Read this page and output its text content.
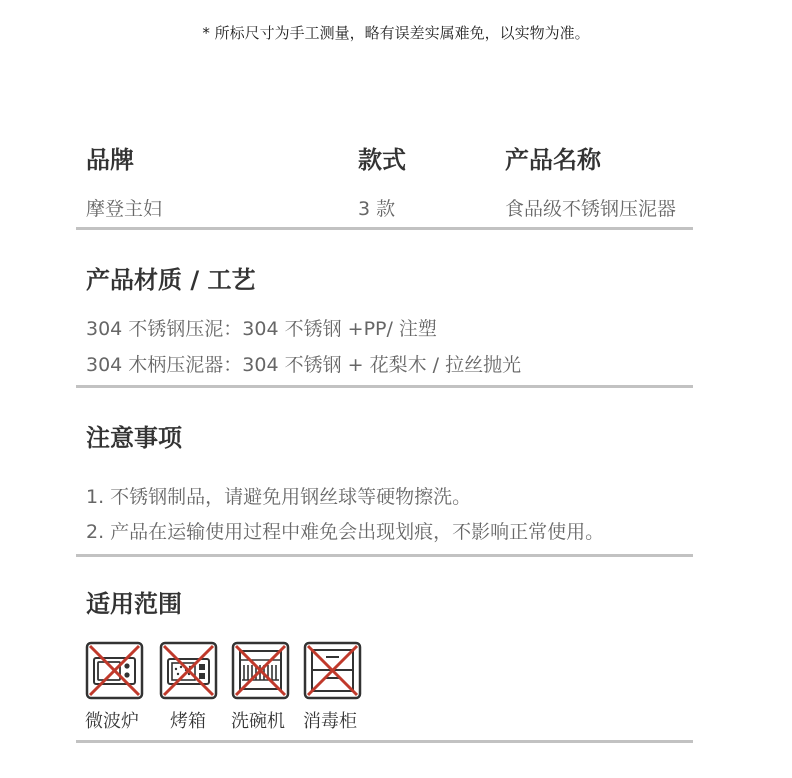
* 所标尺寸为手工测量，略有误差实属难免，以实物为准。
品牌	款式	产品名称
摩登主妇	3 款	食品级不锈钢压泥器
产品材质 / 工艺
304 不锈钢压泥：304 不锈钢 +PP/ 注塑
304 木柄压泥器：304 不锈钢 + 花梨木 / 拉丝抛光
注意事项
1. 不锈钢制品，请避免用钢丝球等硬物擦洗。
2. 产品在运输使用过程中难免会出现划痕，不影响正常使用。
适用范围
微波炉 烤箱 洗碗机 消毒柜
